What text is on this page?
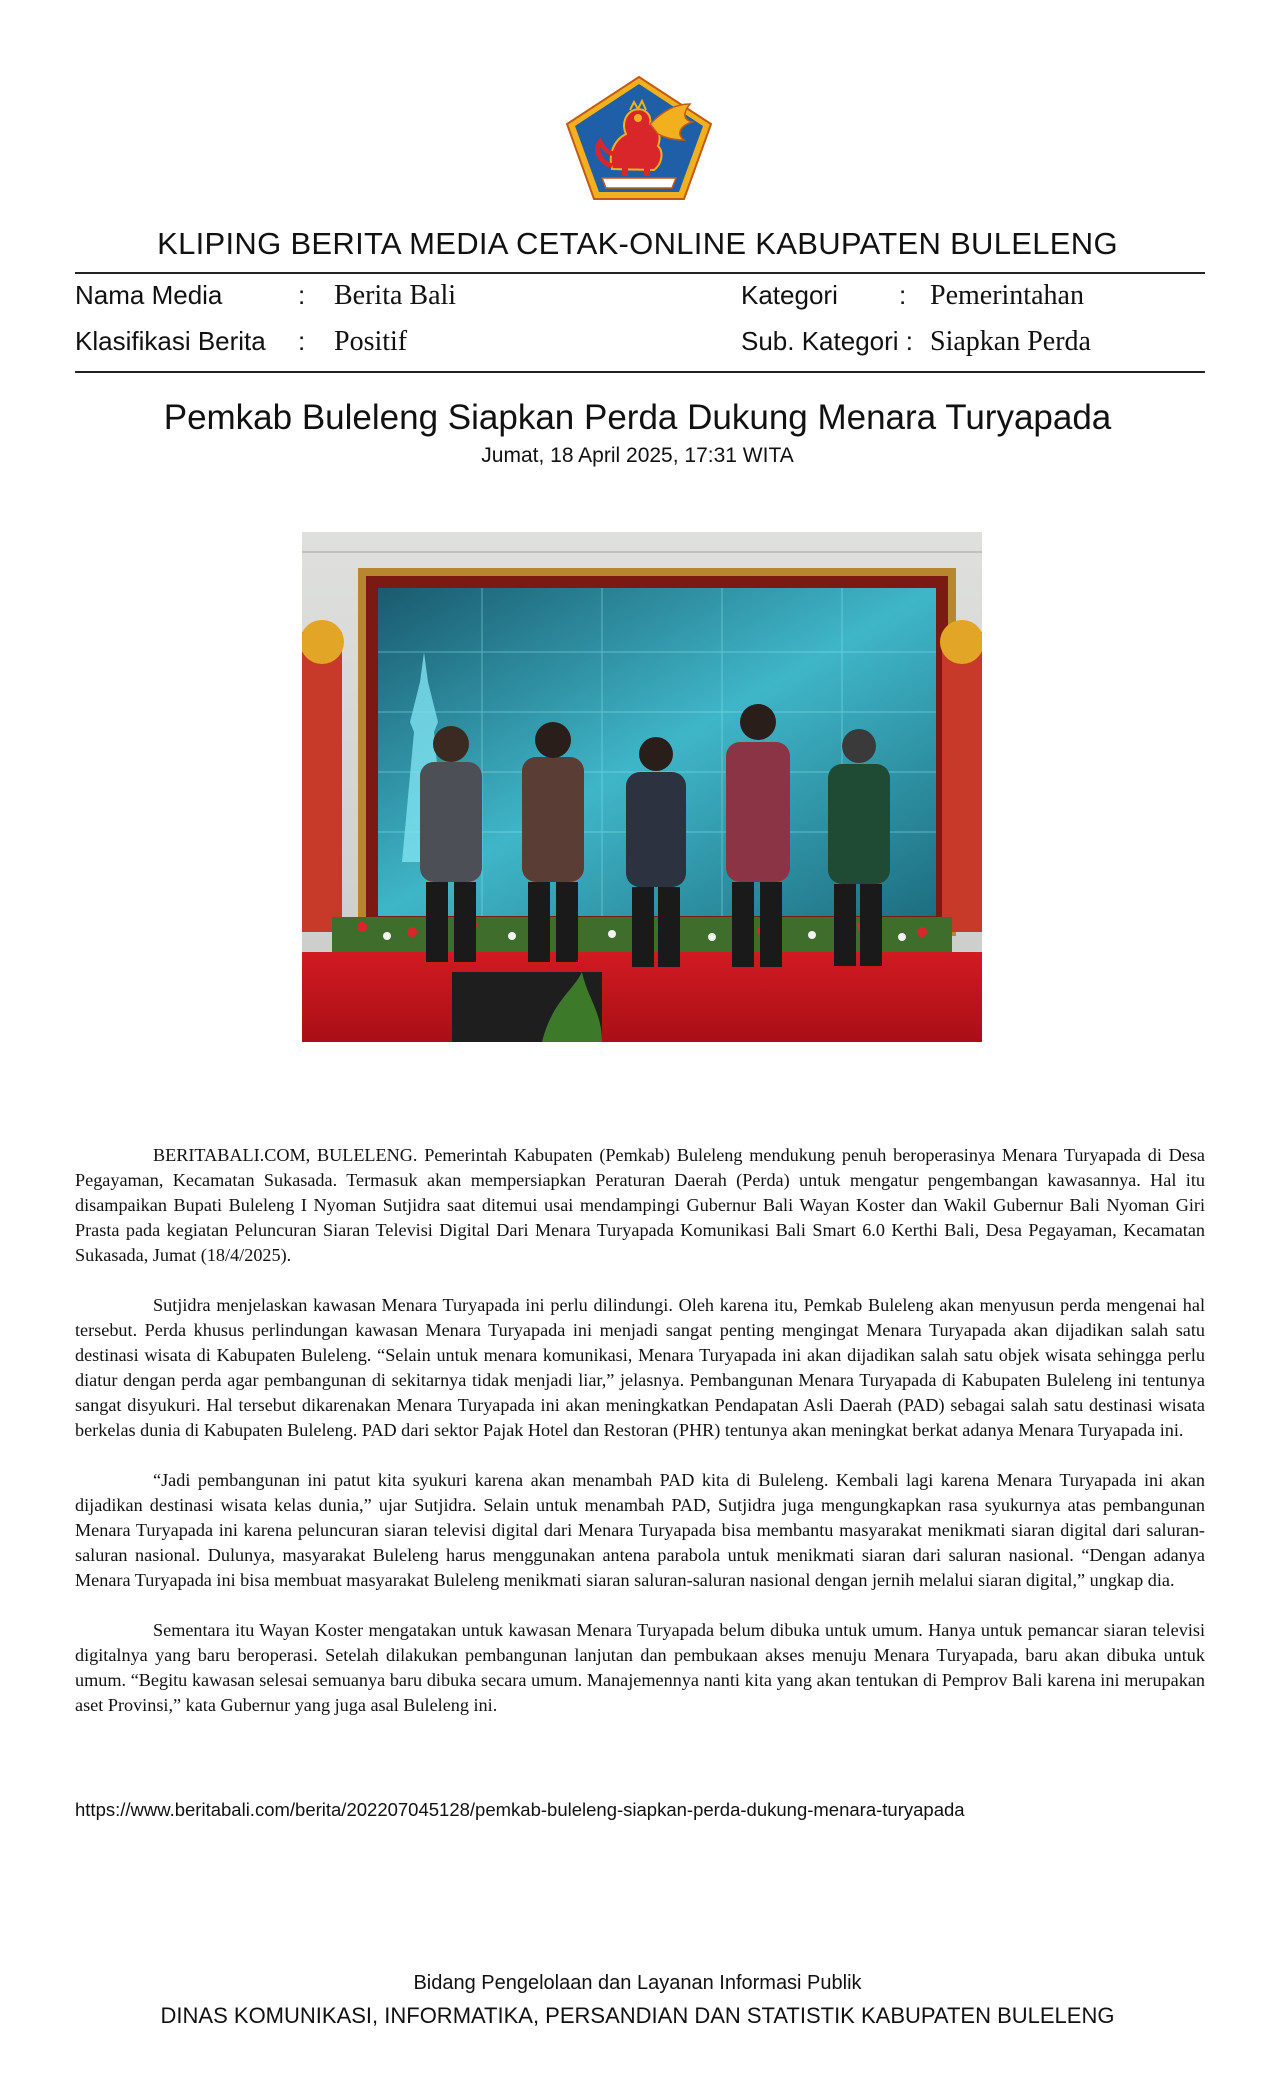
KLIPING BERITA MEDIA CETAK-ONLINE KABUPATEN BULELENG
Nama Media	: Berita Bali	Kategori : Pemerintahan
Klasifikasi Berita : Positif	Sub. Kategori : Siapkan Perda
Pemkab Buleleng Siapkan Perda Dukung Menara Turyapada
Jumat, 18 April 2025, 17:31 WITA

BERITABALI.COM, BULELENG. Pemerintah Kabupaten (Pemkab) Buleleng mendukung penuh beroperasinya Menara Turyapada di Desa Pegayaman, Kecamatan Sukasada. Termasuk akan mempersiapkan Peraturan Daerah (Perda) untuk mengatur pengembangan kawasannya. Hal itu disampaikan Bupati Buleleng I Nyoman Sutjidra saat ditemui usai mendampingi Gubernur Bali Wayan Koster dan Wakil Gubernur Bali Nyoman Giri Prasta pada kegiatan Peluncuran Siaran Televisi Digital Dari Menara Turyapada Komunikasi Bali Smart 6.0 Kerthi Bali, Desa Pegayaman, Kecamatan Sukasada, Jumat (18/4/2025).

Sutjidra menjelaskan kawasan Menara Turyapada ini perlu dilindungi. Oleh karena itu, Pemkab Buleleng akan menyusun perda mengenai hal tersebut. Perda khusus perlindungan kawasan Menara Turyapada ini menjadi sangat penting mengingat Menara Turyapada akan dijadikan salah satu destinasi wisata di Kabupaten Buleleng. “Selain untuk menara komunikasi, Menara Turyapada ini akan dijadikan salah satu objek wisata sehingga perlu diatur dengan perda agar pembangunan di sekitarnya tidak menjadi liar,” jelasnya. Pembangunan Menara Turyapada di Kabupaten Buleleng ini tentunya sangat disyukuri. Hal tersebut dikarenakan Menara Turyapada ini akan meningkatkan Pendapatan Asli Daerah (PAD) sebagai salah satu destinasi wisata berkelas dunia di Kabupaten Buleleng. PAD dari sektor Pajak Hotel dan Restoran (PHR) tentunya akan meningkat berkat adanya Menara Turyapada ini.

“Jadi pembangunan ini patut kita syukuri karena akan menambah PAD kita di Buleleng. Kembali lagi karena Menara Turyapada ini akan dijadikan destinasi wisata kelas dunia,” ujar Sutjidra. Selain untuk menambah PAD, Sutjidra juga mengungkapkan rasa syukurnya atas pembangunan Menara Turyapada ini karena peluncuran siaran televisi digital dari Menara Turyapada bisa membantu masyarakat menikmati siaran digital dari saluran-saluran nasional. Dulunya, masyarakat Buleleng harus menggunakan antena parabola untuk menikmati siaran dari saluran nasional. “Dengan adanya Menara Turyapada ini bisa membuat masyarakat Buleleng menikmati siaran saluran-saluran nasional dengan jernih melalui siaran digital,” ungkap dia.

Sementara itu Wayan Koster mengatakan untuk kawasan Menara Turyapada belum dibuka untuk umum. Hanya untuk pemancar siaran televisi digitalnya yang baru beroperasi. Setelah dilakukan pembangunan lanjutan dan pembukaan akses menuju Menara Turyapada, baru akan dibuka untuk umum. “Begitu kawasan selesai semuanya baru dibuka secara umum. Manajemennya nanti kita yang akan tentukan di Pemprov Bali karena ini merupakan aset Provinsi,” kata Gubernur yang juga asal Buleleng ini.

https://www.beritabali.com/berita/202207045128/pemkab-buleleng-siapkan-perda-dukung-menara-turyapada
Bidang Pengelolaan dan Layanan Informasi Publik
DINAS KOMUNIKASI, INFORMATIKA, PERSANDIAN DAN STATISTIK KABUPATEN BULELENG
